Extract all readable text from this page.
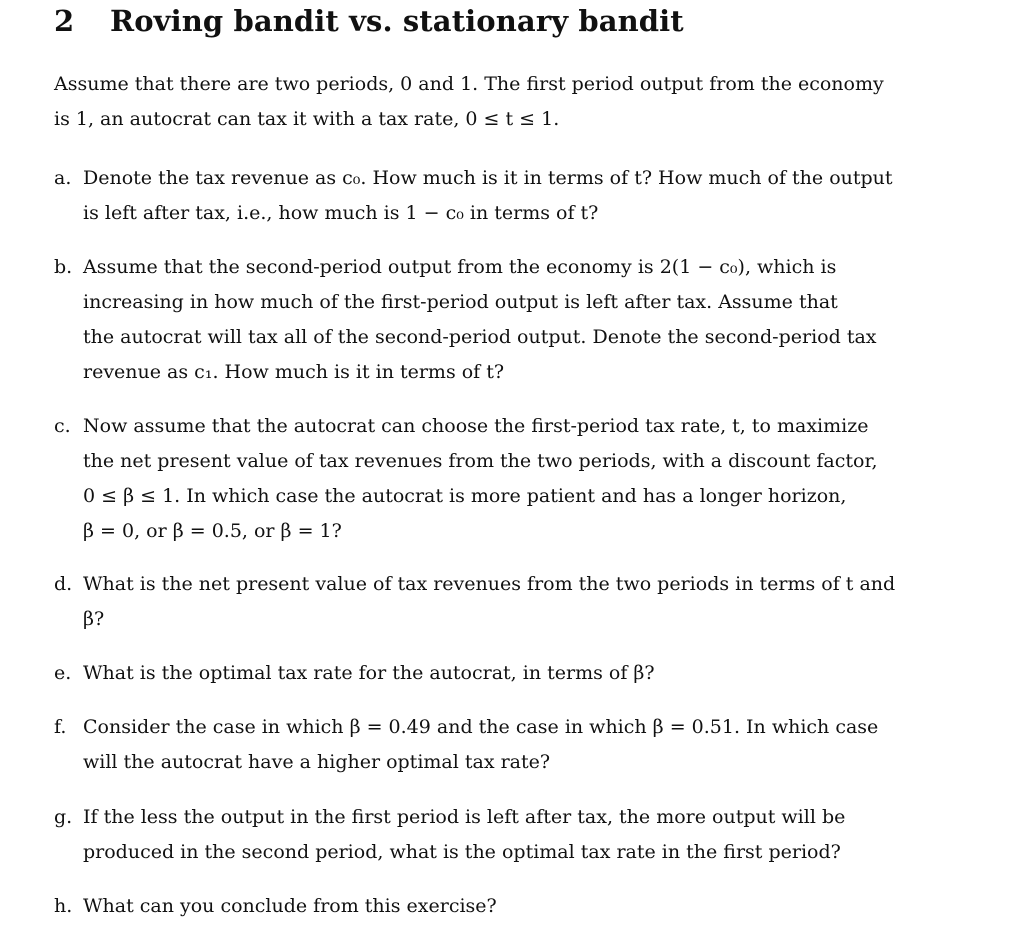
2 Roving bandit vs. stationary bandit
Assume that there are two periods, 0 and 1. The first period output from the economy
is 1, an autocrat can tax it with a tax rate, 0 ≤ t ≤ 1.
a. Denote the tax revenue as c₀. How much is it in terms of t? How much of the output
is left after tax, i.e., how much is 1 − c₀ in terms of t?
b. Assume that the second-period output from the economy is 2(1 − c₀), which is
increasing in how much of the first-period output is left after tax. Assume that
the autocrat will tax all of the second-period output. Denote the second-period tax
revenue as c₁. How much is it in terms of t?
c. Now assume that the autocrat can choose the first-period tax rate, t, to maximize
the net present value of tax revenues from the two periods, with a discount factor,
0 ≤ β ≤ 1. In which case the autocrat is more patient and has a longer horizon,
β = 0, or β = 0.5, or β = 1?
d. What is the net present value of tax revenues from the two periods in terms of t and
β?
e. What is the optimal tax rate for the autocrat, in terms of β?
f. Consider the case in which β = 0.49 and the case in which β = 0.51. In which case
will the autocrat have a higher optimal tax rate?
g. If the less the output in the first period is left after tax, the more output will be
produced in the second period, what is the optimal tax rate in the first period?
h. What can you conclude from this exercise?
